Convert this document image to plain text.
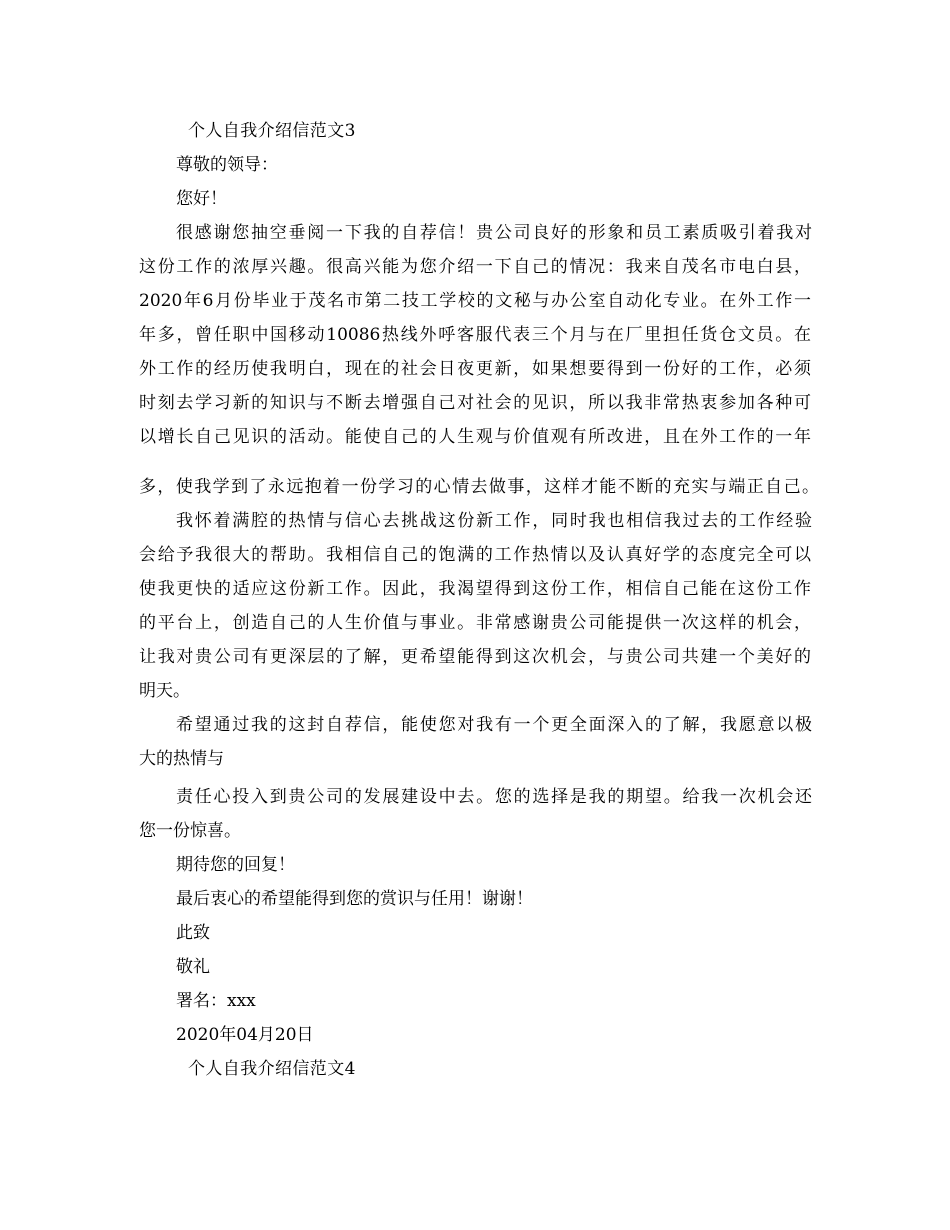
个人自我介绍信范文3
尊敬的领导：
您好！
很感谢您抽空垂阅一下我的自荐信！贵公司良好的形象和员工素质吸引着我对
这份工作的浓厚兴趣。很高兴能为您介绍一下自己的情况：我来自茂名市电白县，
2020年6月份毕业于茂名市第二技工学校的文秘与办公室自动化专业。在外工作一
年多，曾任职中国移动10086热线外呼客服代表三个月与在厂里担任货仓文员。在
外工作的经历使我明白，现在的社会日夜更新，如果想要得到一份好的工作，必须
时刻去学习新的知识与不断去增强自己对社会的见识，所以我非常热衷参加各种可
以增长自己见识的活动。能使自己的人生观与价值观有所改进，且在外工作的一年
多，使我学到了永远抱着一份学习的心情去做事，这样才能不断的充实与端正自己。
我怀着满腔的热情与信心去挑战这份新工作，同时我也相信我过去的工作经验
会给予我很大的帮助。我相信自己的饱满的工作热情以及认真好学的态度完全可以
使我更快的适应这份新工作。因此，我渴望得到这份工作，相信自己能在这份工作
的平台上，创造自己的人生价值与事业。非常感谢贵公司能提供一次这样的机会，
让我对贵公司有更深层的了解，更希望能得到这次机会，与贵公司共建一个美好的
明天。
希望通过我的这封自荐信，能使您对我有一个更全面深入的了解，我愿意以极
大的热情与
责任心投入到贵公司的发展建设中去。您的选择是我的期望。给我一次机会还
您一份惊喜。
期待您的回复！
最后衷心的希望能得到您的赏识与任用！谢谢！
此致
敬礼
署名：xxx
2020年04月20日
个人自我介绍信范文4
